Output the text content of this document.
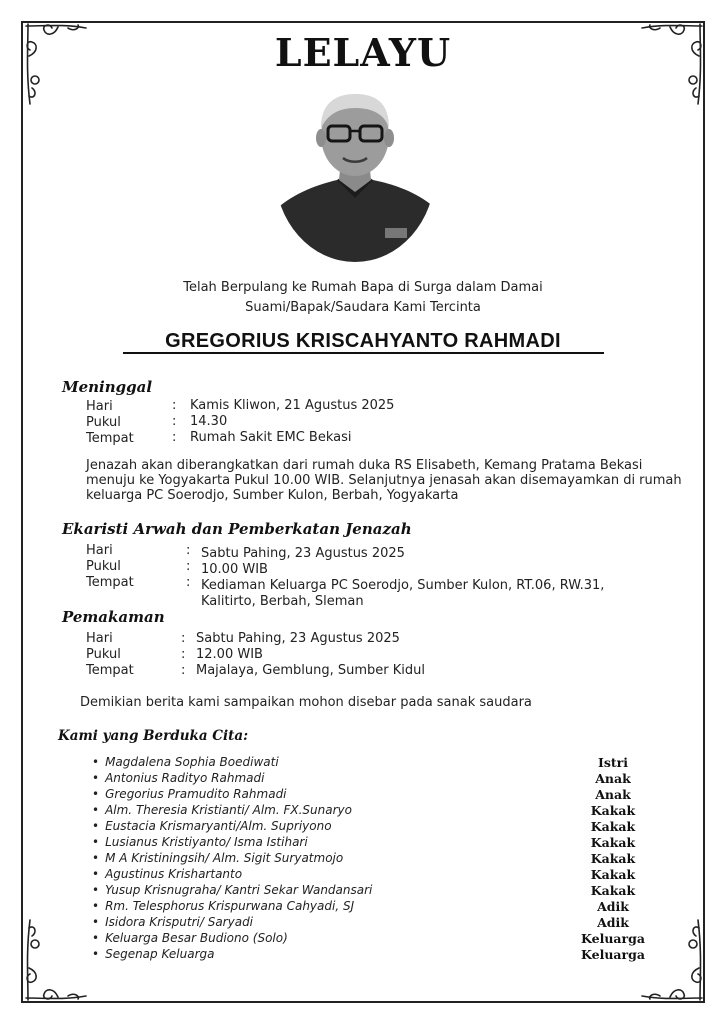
LELAYU
Telah Berpulang ke Rumah Bapa di Surga dalam Damai
Suami/Bapak/Saudara Kami Tercinta
GREGORIUS KRISCAHYANTO RAHMADI
Meninggal
Hari	: Kamis Kliwon, 21 Agustus 2025
Pukul	: 14.30
Tempat	: Rumah Sakit EMC Bekasi
Jenazah akan diberangkatkan dari rumah duka RS Elisabeth, Kemang Pratama Bekasi
menuju ke Yogyakarta Pukul 10.00 WIB. Selanjutnya jenasah akan disemayamkan di rumah
keluarga PC Soerodjo, Sumber Kulon, Berbah, Yogyakarta
Ekaristi Arwah dan Pemberkatan Jenazah
Hari	: Sabtu Pahing, 23 Agustus 2025
Pukul	: 10.00 WIB
Tempat	: Kediaman Keluarga PC Soerodjo, Sumber Kulon, RT.06, RW.31,
Kalitirto, Berbah, Sleman
Pemakaman
Hari	: Sabtu Pahing, 23 Agustus 2025
Pukul	: 12.00 WIB
Tempat	: Majalaya, Gemblung, Sumber Kidul
Demikian berita kami sampaikan mohon disebar pada sanak saudara
Kami yang Berduka Cita:
• Magdalena Sophia Boediwati	Istri
• Antonius Radityo Rahmadi	Anak
• Gregorius Pramudito Rahmadi	Anak
• Alm. Theresia Kristianti/ Alm. FX.Sunaryo	Kakak
• Eustacia Krismaryanti/Alm. Supriyono	Kakak
• Lusianus Kristiyanto/ Isma Istihari	Kakak
• M A Kristiningsih/ Alm. Sigit Suryatmojo	Kakak
• Agustinus Krishartanto	Kakak
• Yusup Krisnugraha/ Kantri Sekar Wandansari	Kakak
• Rm. Telesphorus Krispurwana Cahyadi, SJ	Adik
• Isidora Krisputri/ Saryadi	Adik
• Keluarga Besar Budiono (Solo)	Keluarga
• Segenap Keluarga	Keluarga
